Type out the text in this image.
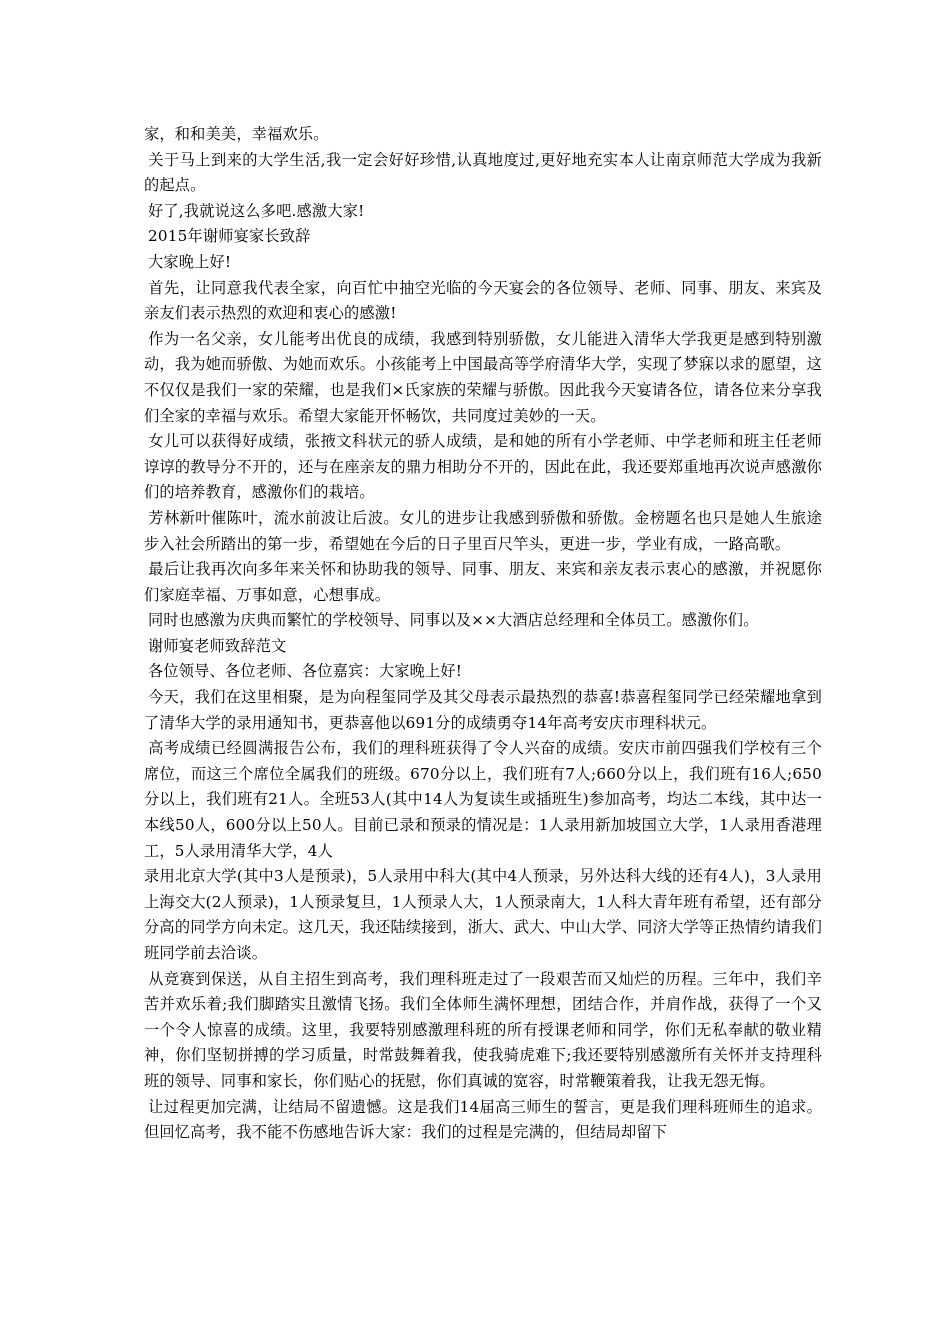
家，和和美美，幸福欢乐。

关于马上到来的大学生活,我一定会好好珍惜,认真地度过,更好地充实本人让南京师范大学成为我新的起点。

好了,我就说这么多吧.感激大家!

2015年谢师宴家长致辞

大家晚上好!

首先，让同意我代表全家，向百忙中抽空光临的今天宴会的各位领导、老师、同事、朋友、来宾及亲友们表示热烈的欢迎和衷心的感激!

作为一名父亲，女儿能考出优良的成绩，我感到特别骄傲，女儿能进入清华大学我更是感到特别激动，我为她而骄傲、为她而欢乐。小孩能考上中国最高等学府清华大学，实现了梦寐以求的愿望，这不仅仅是我们一家的荣耀，也是我们×氏家族的荣耀与骄傲。因此我今天宴请各位，请各位来分享我们全家的幸福与欢乐。希望大家能开怀畅饮，共同度过美妙的一天。

女儿可以获得好成绩，张掖文科状元的骄人成绩，是和她的所有小学老师、中学老师和班主任老师谆谆的教导分不开的，还与在座亲友的鼎力相助分不开的，因此在此，我还要郑重地再次说声感激你们的培养教育，感激你们的栽培。

芳林新叶催陈叶，流水前波让后波。女儿的进步让我感到骄傲和骄傲。金榜题名也只是她人生旅途步入社会所踏出的第一步，希望她在今后的日子里百尺竿头，更进一步，学业有成，一路高歌。

最后让我再次向多年来关怀和协助我的领导、同事、朋友、来宾和亲友表示衷心的感激，并祝愿你们家庭幸福、万事如意，心想事成。

同时也感激为庆典而繁忙的学校领导、同事以及××大酒店总经理和全体员工。感激你们。

谢师宴老师致辞范文

各位领导、各位老师、各位嘉宾：大家晚上好!

今天，我们在这里相聚，是为向程玺同学及其父母表示最热烈的恭喜!恭喜程玺同学已经荣耀地拿到了清华大学的录用通知书，更恭喜他以691分的成绩勇夺14年高考安庆市理科状元。

高考成绩已经圆满报告公布，我们的理科班获得了令人兴奋的成绩。安庆市前四强我们学校有三个席位，而这三个席位全属我们的班级。670分以上，我们班有7人;660分以上，我们班有16人;650分以上，我们班有21人。全班53人(其中14人为复读生或插班生)参加高考，均达二本线，其中达一本线50人，600分以上50人。目前已录和预录的情况是：1人录用新加坡国立大学，1人录用香港理工，5人录用清华大学，4人

录用北京大学(其中3人是预录)，5人录用中科大(其中4人预录，另外达科大线的还有4人)，3人录用上海交大(2人预录)，1人预录复旦，1人预录人大，1人预录南大，1人科大青年班有希望，还有部分分高的同学方向未定。这几天，我还陆续接到，浙大、武大、中山大学、同济大学等正热情约请我们班同学前去洽谈。

从竞赛到保送，从自主招生到高考，我们理科班走过了一段艰苦而又灿烂的历程。三年中，我们辛苦并欢乐着;我们脚踏实且激情飞扬。我们全体师生满怀理想，团结合作，并肩作战，获得了一个又一个令人惊喜的成绩。这里，我要特别感激理科班的所有授课老师和同学，你们无私奉献的敬业精神，你们坚韧拼搏的学习质量，时常鼓舞着我，使我骑虎难下;我还要特别感激所有关怀并支持理科班的领导、同事和家长，你们贴心的抚慰，你们真诚的宽容，时常鞭策着我，让我无怨无悔。

让过程更加完满，让结局不留遗憾。这是我们14届高三师生的誓言，更是我们理科班师生的追求。但回忆高考，我不能不伤感地告诉大家：我们的过程是完满的，但结局却留下
